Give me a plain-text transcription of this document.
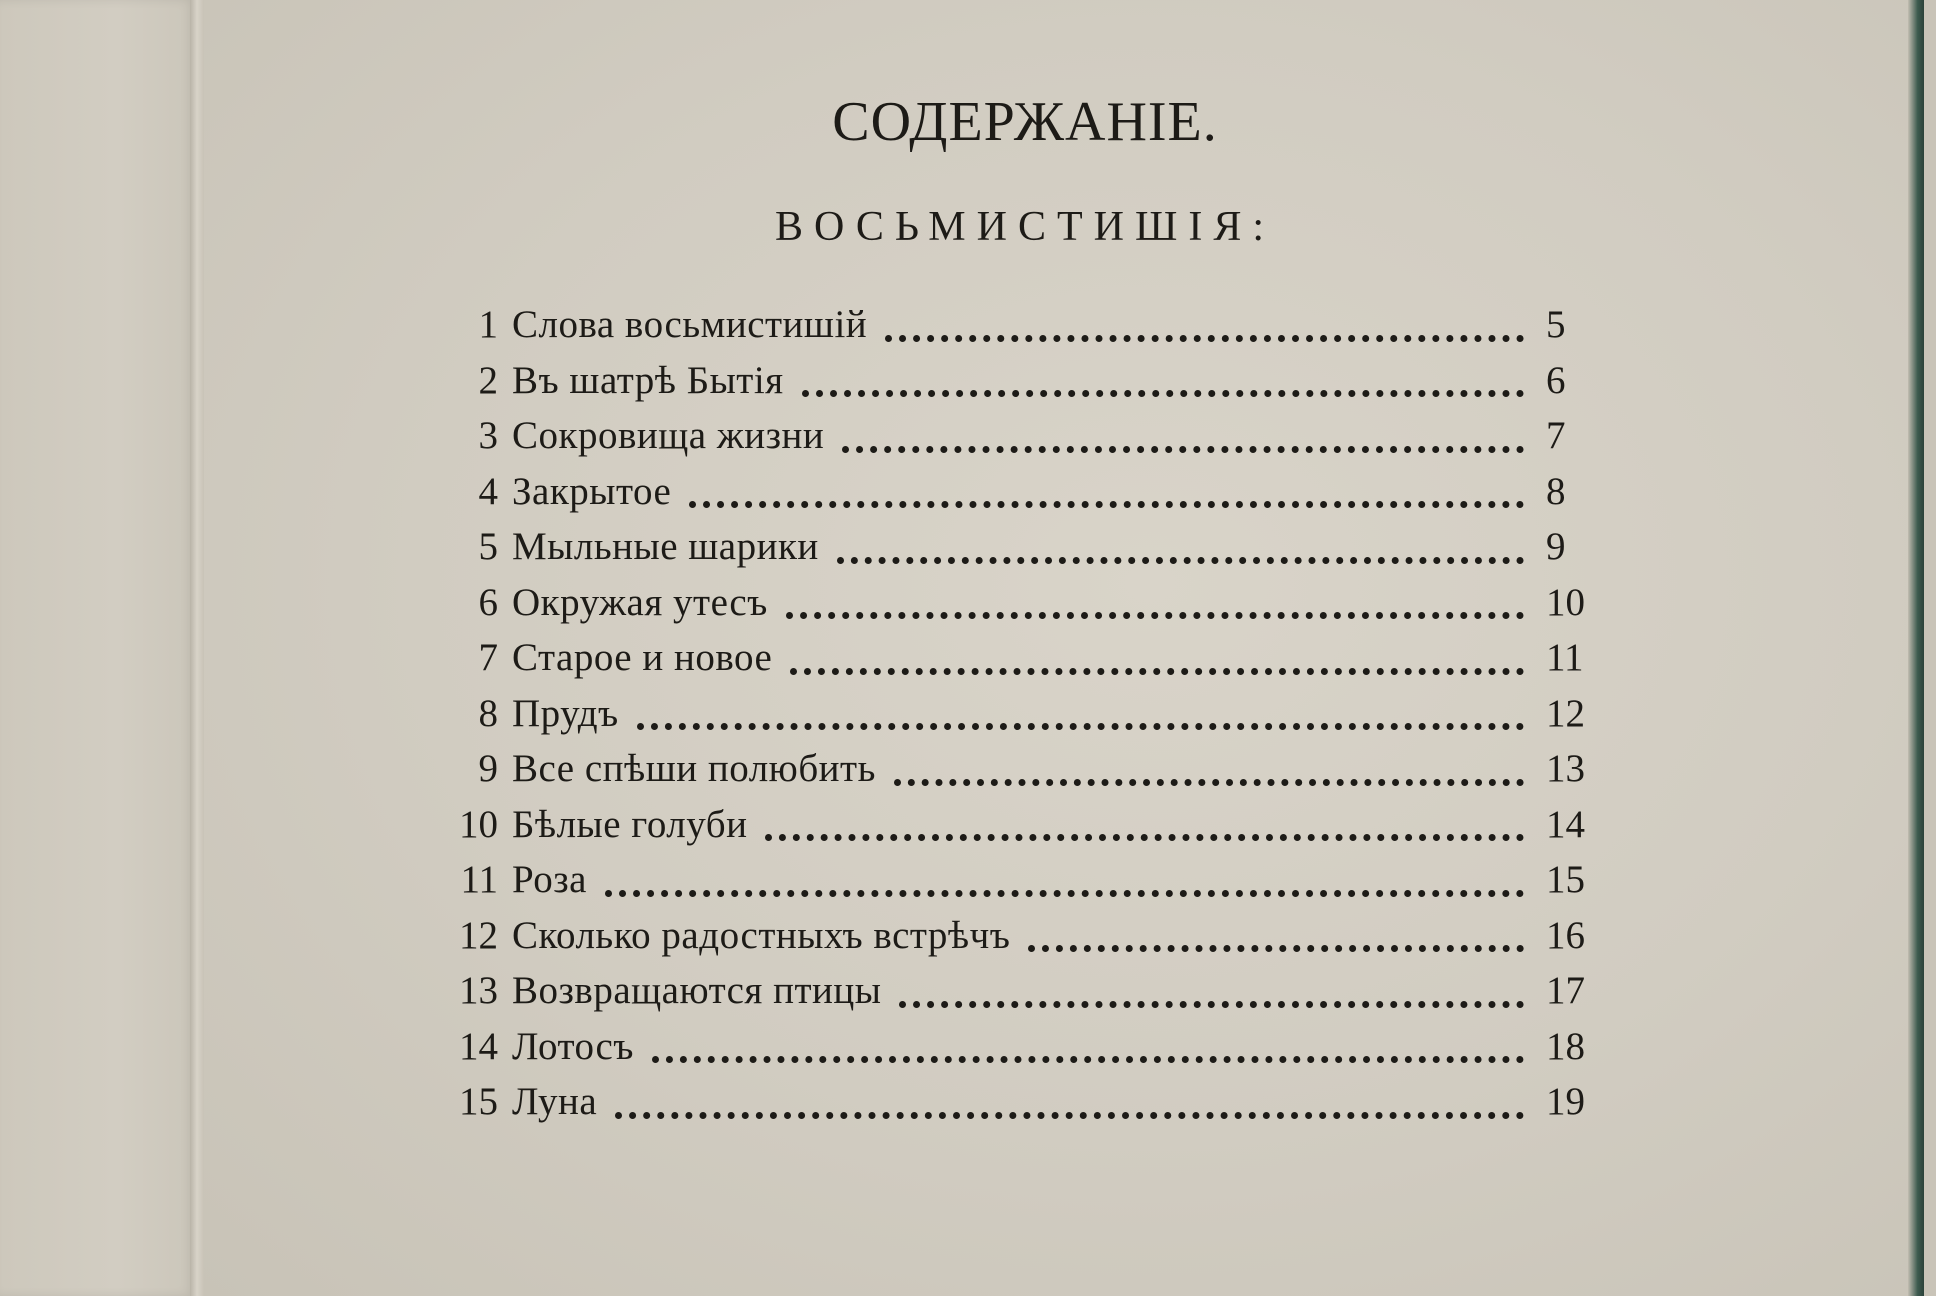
СОДЕРЖАНІЕ.
ВОСЬМИСТИШІЯ:
1 Слова восьмистишій	5
2 Въ шатрѣ Бытія	6
3 Сокровища жизни	7
4 Закрытое	8
5 Мыльные шарики	9
6 Окружая утесъ	10
7 Старое и новое	11
8 Прудъ	12
9 Все спѣши полюбить	13
10 Бѣлые голуби	14
11 Роза	15
12 Сколько радостныхъ встрѣчъ	16
13 Возвращаются птицы	17
14 Лотосъ	18
15 Луна	19
